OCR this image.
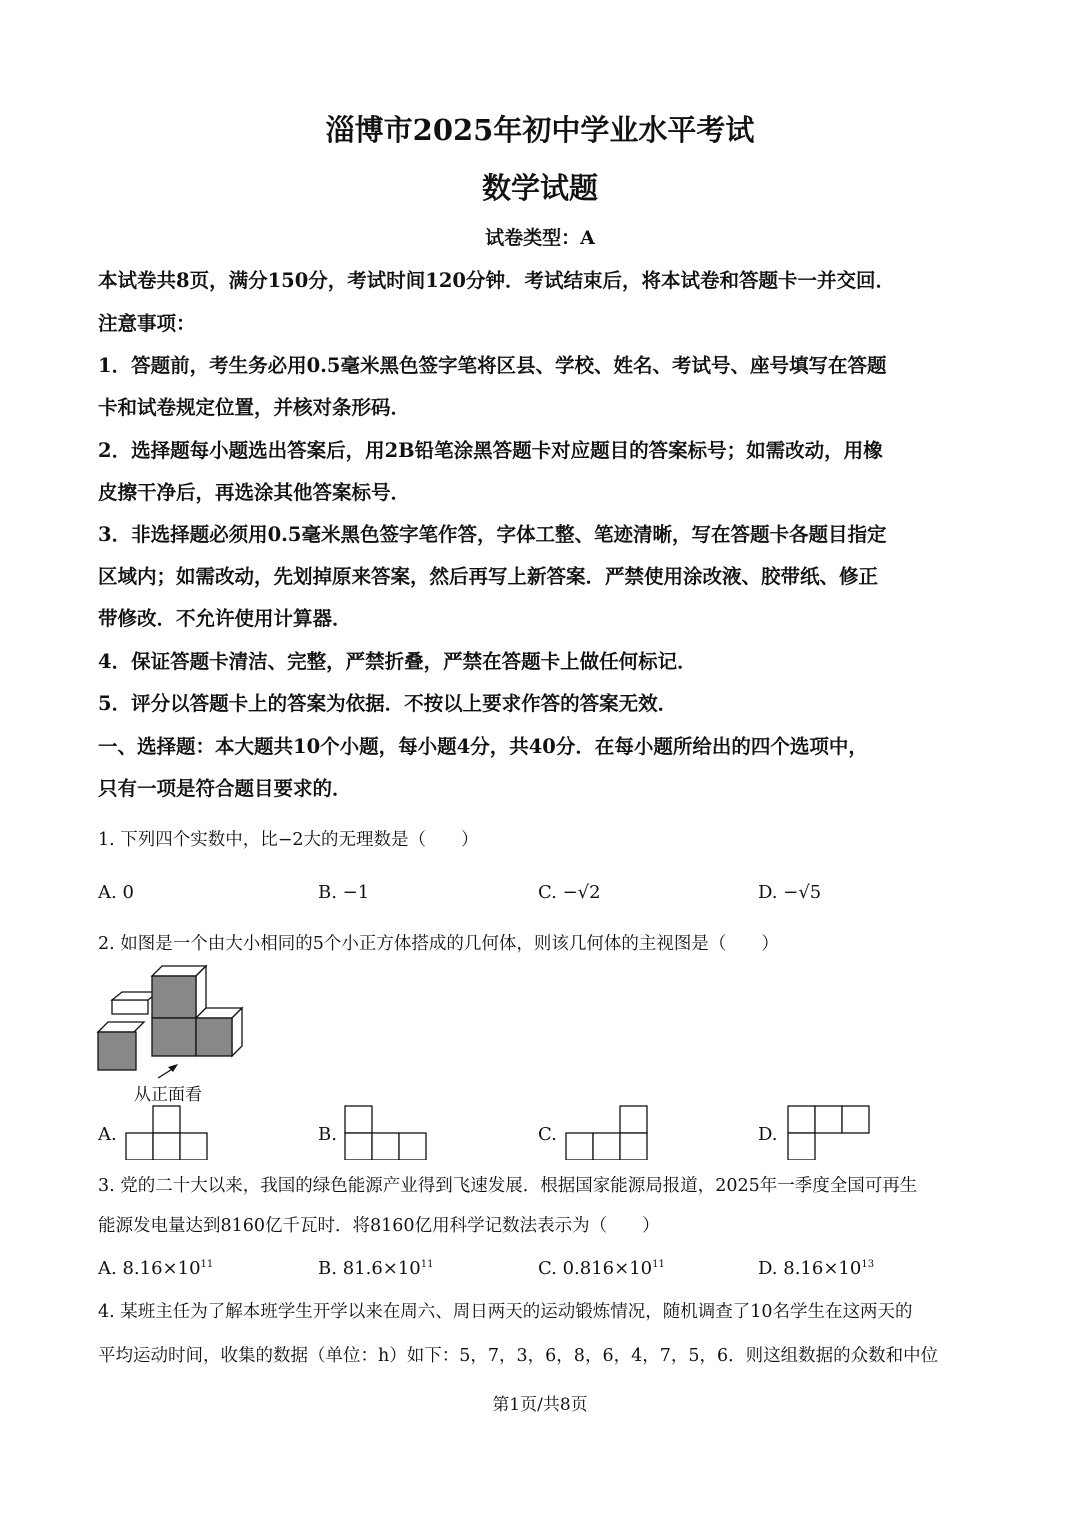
淄博市2025年初中学业水平考试
数学试题
试卷类型：A
本试卷共8页，满分150分，考试时间120分钟．考试结束后，将本试卷和答题卡一并交回．
注意事项：
1．答题前，考生务必用0.5毫米黑色签字笔将区县、学校、姓名、考试号、座号填写在答题
卡和试卷规定位置，并核对条形码．
2．选择题每小题选出答案后，用2B铅笔涂黑答题卡对应题目的答案标号；如需改动，用橡
皮擦干净后，再选涂其他答案标号．
3．非选择题必须用0.5毫米黑色签字笔作答，字体工整、笔迹清晰，写在答题卡各题目指定
区域内；如需改动，先划掉原来答案，然后再写上新答案．严禁使用涂改液、胶带纸、修正
带修改．不允许使用计算器．
4．保证答题卡清洁、完整，严禁折叠，严禁在答题卡上做任何标记．
5．评分以答题卡上的答案为依据．不按以上要求作答的答案无效．
一、选择题：本大题共10个小题，每小题4分，共40分．在每小题所给出的四个选项中，
只有一项是符合题目要求的．
1. 下列四个实数中，比−2大的无理数是（　　）
A. 0	B. −1	C. −√2	D. −√5
2. 如图是一个由大小相同的5个小正方体搭成的几何体，则该几何体的主视图是（　　）
从正面看
A.	B.	C.	D.
3. 党的二十大以来，我国的绿色能源产业得到飞速发展．根据国家能源局报道，2025年一季度全国可再生
能源发电量达到8160亿千瓦时．将8160亿用科学记数法表示为（　　）
A. $8.16\times 10^{11}$	B. $81.6\times 10^{11}$	C. $0.816\times 10^{11}$	D. $8.16\times 10^{13}$
4. 某班主任为了解本班学生开学以来在周六、周日两天的运动锻炼情况，随机调查了10名学生在这两天的
平均运动时间，收集的数据（单位：h）如下：5，7，3，6，8，6，4，7，5，6．则这组数据的众数和中位
第1页/共8页
